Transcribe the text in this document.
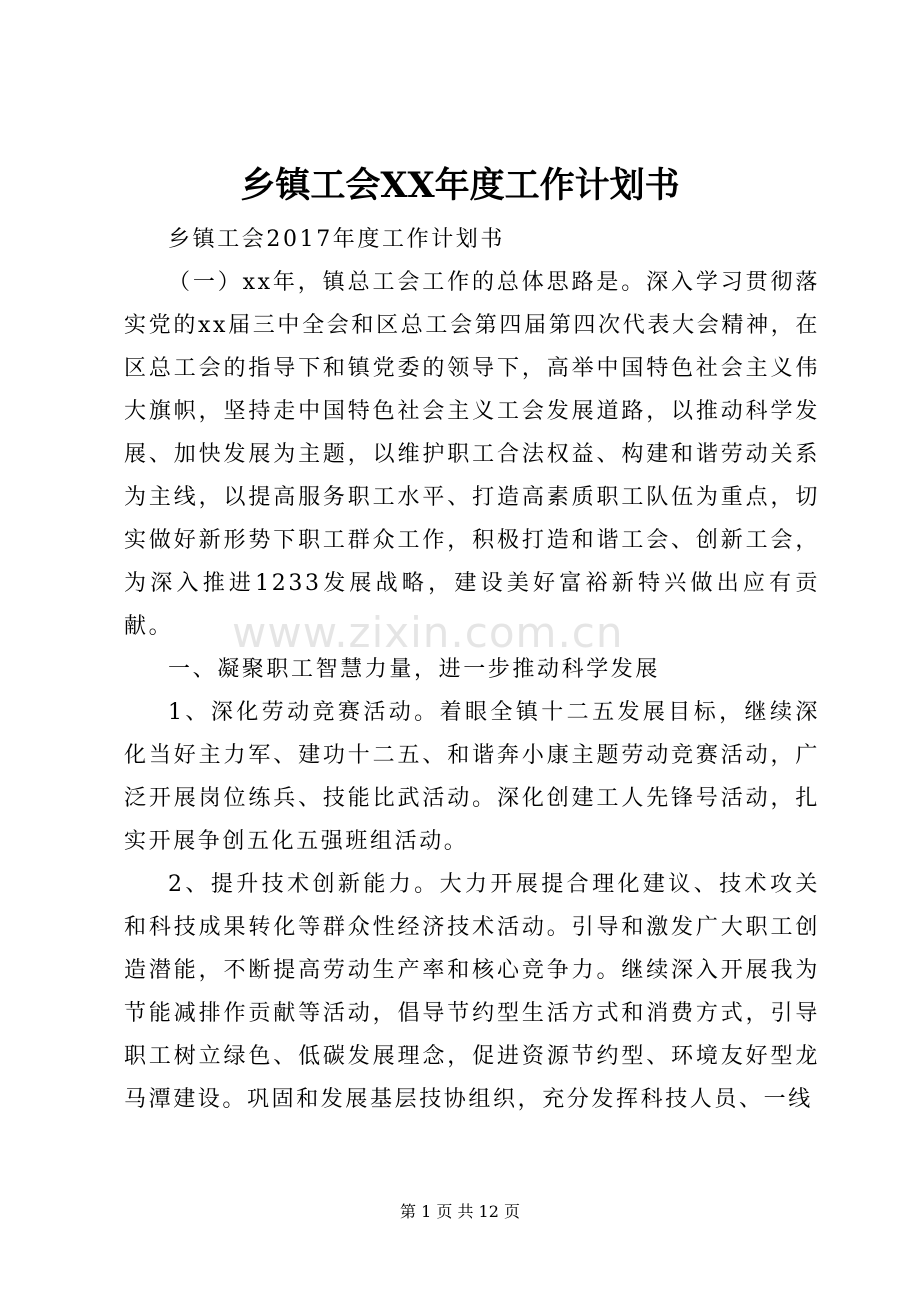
乡镇工会XX年度工作计划书

乡镇工会2017年度工作计划书

（一）xx年，镇总工会工作的总体思路是。深入学习贯彻落实党的xx届三中全会和区总工会第四届第四次代表大会精神，在区总工会的指导下和镇党委的领导下，高举中国特色社会主义伟大旗帜，坚持走中国特色社会主义工会发展道路，以推动科学发展、加快发展为主题，以维护职工合法权益、构建和谐劳动关系为主线，以提高服务职工水平、打造高素质职工队伍为重点，切实做好新形势下职工群众工作，积极打造和谐工会、创新工会，为深入推进1233发展战略，建设美好富裕新特兴做出应有贡献。

一、凝聚职工智慧力量，进一步推动科学发展

1、深化劳动竞赛活动。着眼全镇十二五发展目标，继续深化当好主力军、建功十二五、和谐奔小康主题劳动竞赛活动，广泛开展岗位练兵、技能比武活动。深化创建工人先锋号活动，扎实开展争创五化五强班组活动。

2、提升技术创新能力。大力开展提合理化建议、技术攻关和科技成果转化等群众性经济技术活动。引导和激发广大职工创造潜能，不断提高劳动生产率和核心竞争力。继续深入开展我为节能减排作贡献等活动，倡导节约型生活方式和消费方式，引导职工树立绿色、低碳发展理念，促进资源节约型、环境友好型龙马潭建设。巩固和发展基层技协组织，充分发挥科技人员、一线

www.zixin.com.cn
第 1 页 共 12 页
